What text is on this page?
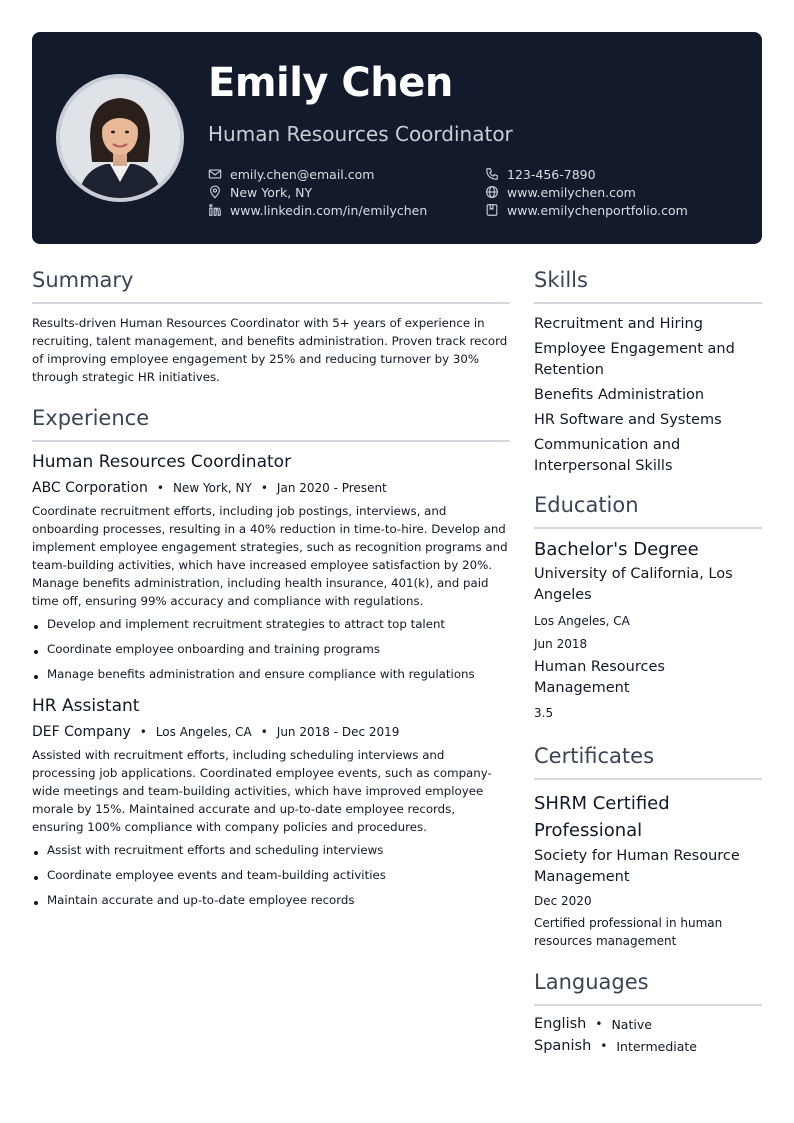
Emily Chen
Human Resources Coordinator
emily.chen@email.com
New York, NY
www.linkedin.com/in/emilychen
123-456-7890
www.emilychen.com
www.emilychenportfolio.com
Summary

Results-driven Human Resources Coordinator with 5+ years of experience in recruiting, talent management, and benefits administration. Proven track record of improving employee engagement by 25% and reducing turnover by 30% through strategic HR initiatives.

Experience
Human Resources Coordinator
ABC Corporation • New York, NY • Jan 2020 - Present

Coordinate recruitment efforts, including job postings, interviews, and onboarding processes, resulting in a 40% reduction in time-to-hire. Develop and implement employee engagement strategies, such as recognition programs and team-building activities, which have increased employee satisfaction by 20%. Manage benefits administration, including health insurance, 401(k), and paid time off, ensuring 99% accuracy and compliance with regulations.

Develop and implement recruitment strategies to attract top talent
Coordinate employee onboarding and training programs
Manage benefits administration and ensure compliance with regulations
HR Assistant
DEF Company • Los Angeles, CA • Jun 2018 - Dec 2019

Assisted with recruitment efforts, including scheduling interviews and processing job applications. Coordinated employee events, such as company-wide meetings and team-building activities, which have improved employee morale by 15%. Maintained accurate and up-to-date employee records, ensuring 100% compliance with company policies and procedures.

Assist with recruitment efforts and scheduling interviews
Coordinate employee events and team-building activities
Maintain accurate and up-to-date employee records
Skills
Recruitment and Hiring
Employee Engagement and Retention
Benefits Administration
HR Software and Systems
Communication and Interpersonal Skills
Education
Bachelor's Degree
University of California, Los Angeles
Los Angeles, CA
Jun 2018
Human Resources Management
3.5
Certificates
SHRM Certified Professional
Society for Human Resource Management
Dec 2020
Certified professional in human resources management
Languages
English • Native
Spanish • Intermediate
